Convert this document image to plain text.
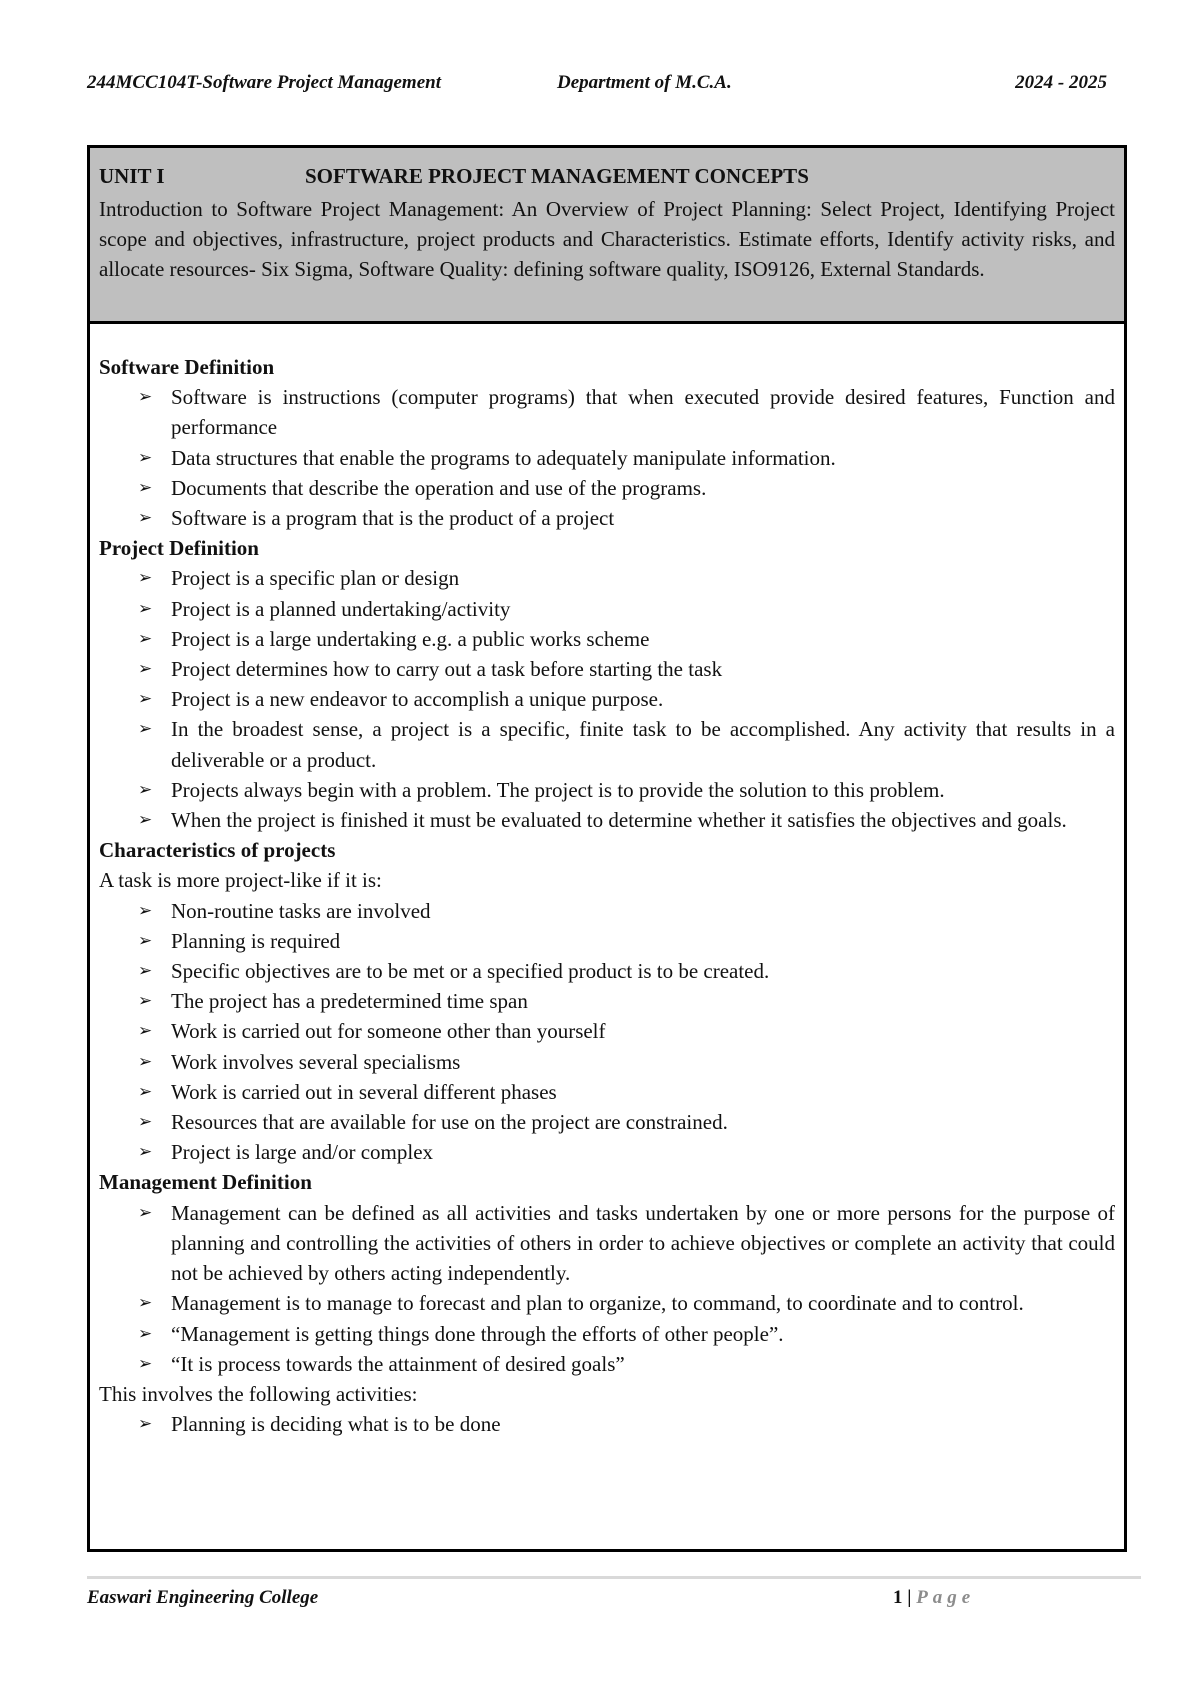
244MCC104T-Software Project Management	Department of M.C.A.	2024 - 2025
UNIT I	SOFTWARE PROJECT MANAGEMENT CONCEPTS
Introduction to Software Project Management: An Overview of Project Planning: Select Project, Identifying Project scope and objectives, infrastructure, project products and Characteristics. Estimate efforts, Identify activity risks, and allocate resources- Six Sigma, Software Quality: defining software quality, ISO9126, External Standards.
Software Definition
➢ Software is instructions (computer programs) that when executed provide desired features, Function and performance
➢ Data structures that enable the programs to adequately manipulate information.
➢ Documents that describe the operation and use of the programs.
➢ Software is a program that is the product of a project
Project Definition
➢ Project is a specific plan or design
➢ Project is a planned undertaking/activity
➢ Project is a large undertaking e.g. a public works scheme
➢ Project determines how to carry out a task before starting the task
➢ Project is a new endeavor to accomplish a unique purpose.
➢ In the broadest sense, a project is a specific, finite task to be accomplished. Any activity that results in a deliverable or a product.
➢ Projects always begin with a problem. The project is to provide the solution to this problem.
➢ When the project is finished it must be evaluated to determine whether it satisfies the objectives and goals.
Characteristics of projects
A task is more project-like if it is:
➢ Non-routine tasks are involved
➢ Planning is required
➢ Specific objectives are to be met or a specified product is to be created.
➢ The project has a predetermined time span
➢ Work is carried out for someone other than yourself
➢ Work involves several specialisms
➢ Work is carried out in several different phases
➢ Resources that are available for use on the project are constrained.
➢ Project is large and/or complex
Management Definition
➢ Management can be defined as all activities and tasks undertaken by one or more persons for the purpose of planning and controlling the activities of others in order to achieve objectives or complete an activity that could not be achieved by others acting independently.
➢ Management is to manage to forecast and plan to organize, to command, to coordinate and to control.
➢ “Management is getting things done through the efforts of other people”.
➢ “It is process towards the attainment of desired goals”
This involves the following activities:
➢ Planning is deciding what is to be done
Easwari Engineering College	1 | Page
